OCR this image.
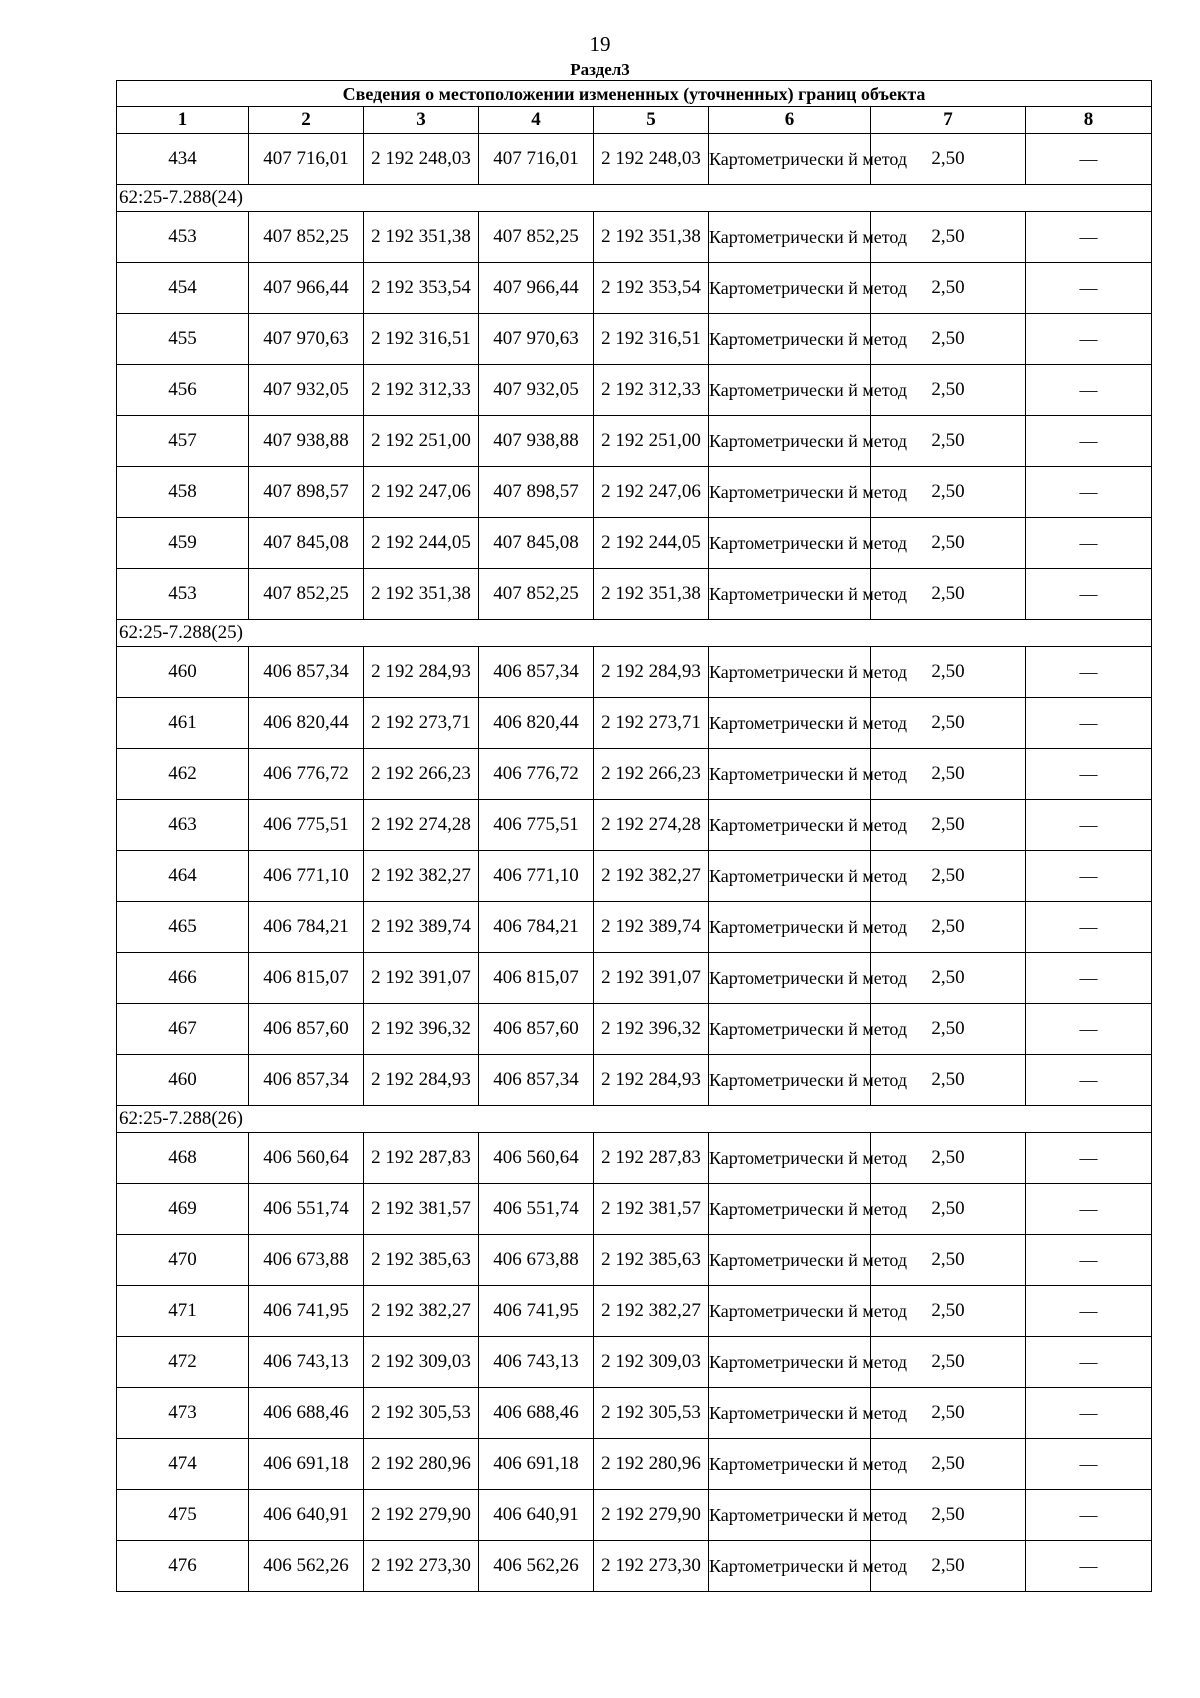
19
Раздел3
Сведения о местоположении измененных (уточненных) границ объекта							
1	2	3	4	5	6	7	8
434	407 716,01	2 192 248,03	407 716,01	2 192 248,03	Картометрически й метод	2,50	—
62:25-7.288(24)							
453	407 852,25	2 192 351,38	407 852,25	2 192 351,38	Картометрически й метод	2,50	—
454	407 966,44	2 192 353,54	407 966,44	2 192 353,54	Картометрически й метод	2,50	—
455	407 970,63	2 192 316,51	407 970,63	2 192 316,51	Картометрически й метод	2,50	—
456	407 932,05	2 192 312,33	407 932,05	2 192 312,33	Картометрически й метод	2,50	—
457	407 938,88	2 192 251,00	407 938,88	2 192 251,00	Картометрически й метод	2,50	—
458	407 898,57	2 192 247,06	407 898,57	2 192 247,06	Картометрически й метод	2,50	—
459	407 845,08	2 192 244,05	407 845,08	2 192 244,05	Картометрически й метод	2,50	—
453	407 852,25	2 192 351,38	407 852,25	2 192 351,38	Картометрически й метод	2,50	—
62:25-7.288(25)							
460	406 857,34	2 192 284,93	406 857,34	2 192 284,93	Картометрически й метод	2,50	—
461	406 820,44	2 192 273,71	406 820,44	2 192 273,71	Картометрически й метод	2,50	—
462	406 776,72	2 192 266,23	406 776,72	2 192 266,23	Картометрически й метод	2,50	—
463	406 775,51	2 192 274,28	406 775,51	2 192 274,28	Картометрически й метод	2,50	—
464	406 771,10	2 192 382,27	406 771,10	2 192 382,27	Картометрически й метод	2,50	—
465	406 784,21	2 192 389,74	406 784,21	2 192 389,74	Картометрически й метод	2,50	—
466	406 815,07	2 192 391,07	406 815,07	2 192 391,07	Картометрически й метод	2,50	—
467	406 857,60	2 192 396,32	406 857,60	2 192 396,32	Картометрически й метод	2,50	—
460	406 857,34	2 192 284,93	406 857,34	2 192 284,93	Картометрически й метод	2,50	—
62:25-7.288(26)							
468	406 560,64	2 192 287,83	406 560,64	2 192 287,83	Картометрически й метод	2,50	—
469	406 551,74	2 192 381,57	406 551,74	2 192 381,57	Картометрически й метод	2,50	—
470	406 673,88	2 192 385,63	406 673,88	2 192 385,63	Картометрически й метод	2,50	—
471	406 741,95	2 192 382,27	406 741,95	2 192 382,27	Картометрически й метод	2,50	—
472	406 743,13	2 192 309,03	406 743,13	2 192 309,03	Картометрически й метод	2,50	—
473	406 688,46	2 192 305,53	406 688,46	2 192 305,53	Картометрически й метод	2,50	—
474	406 691,18	2 192 280,96	406 691,18	2 192 280,96	Картометрически й метод	2,50	—
475	406 640,91	2 192 279,90	406 640,91	2 192 279,90	Картометрически й метод	2,50	—
476	406 562,26	2 192 273,30	406 562,26	2 192 273,30	Картометрически й метод	2,50	—
